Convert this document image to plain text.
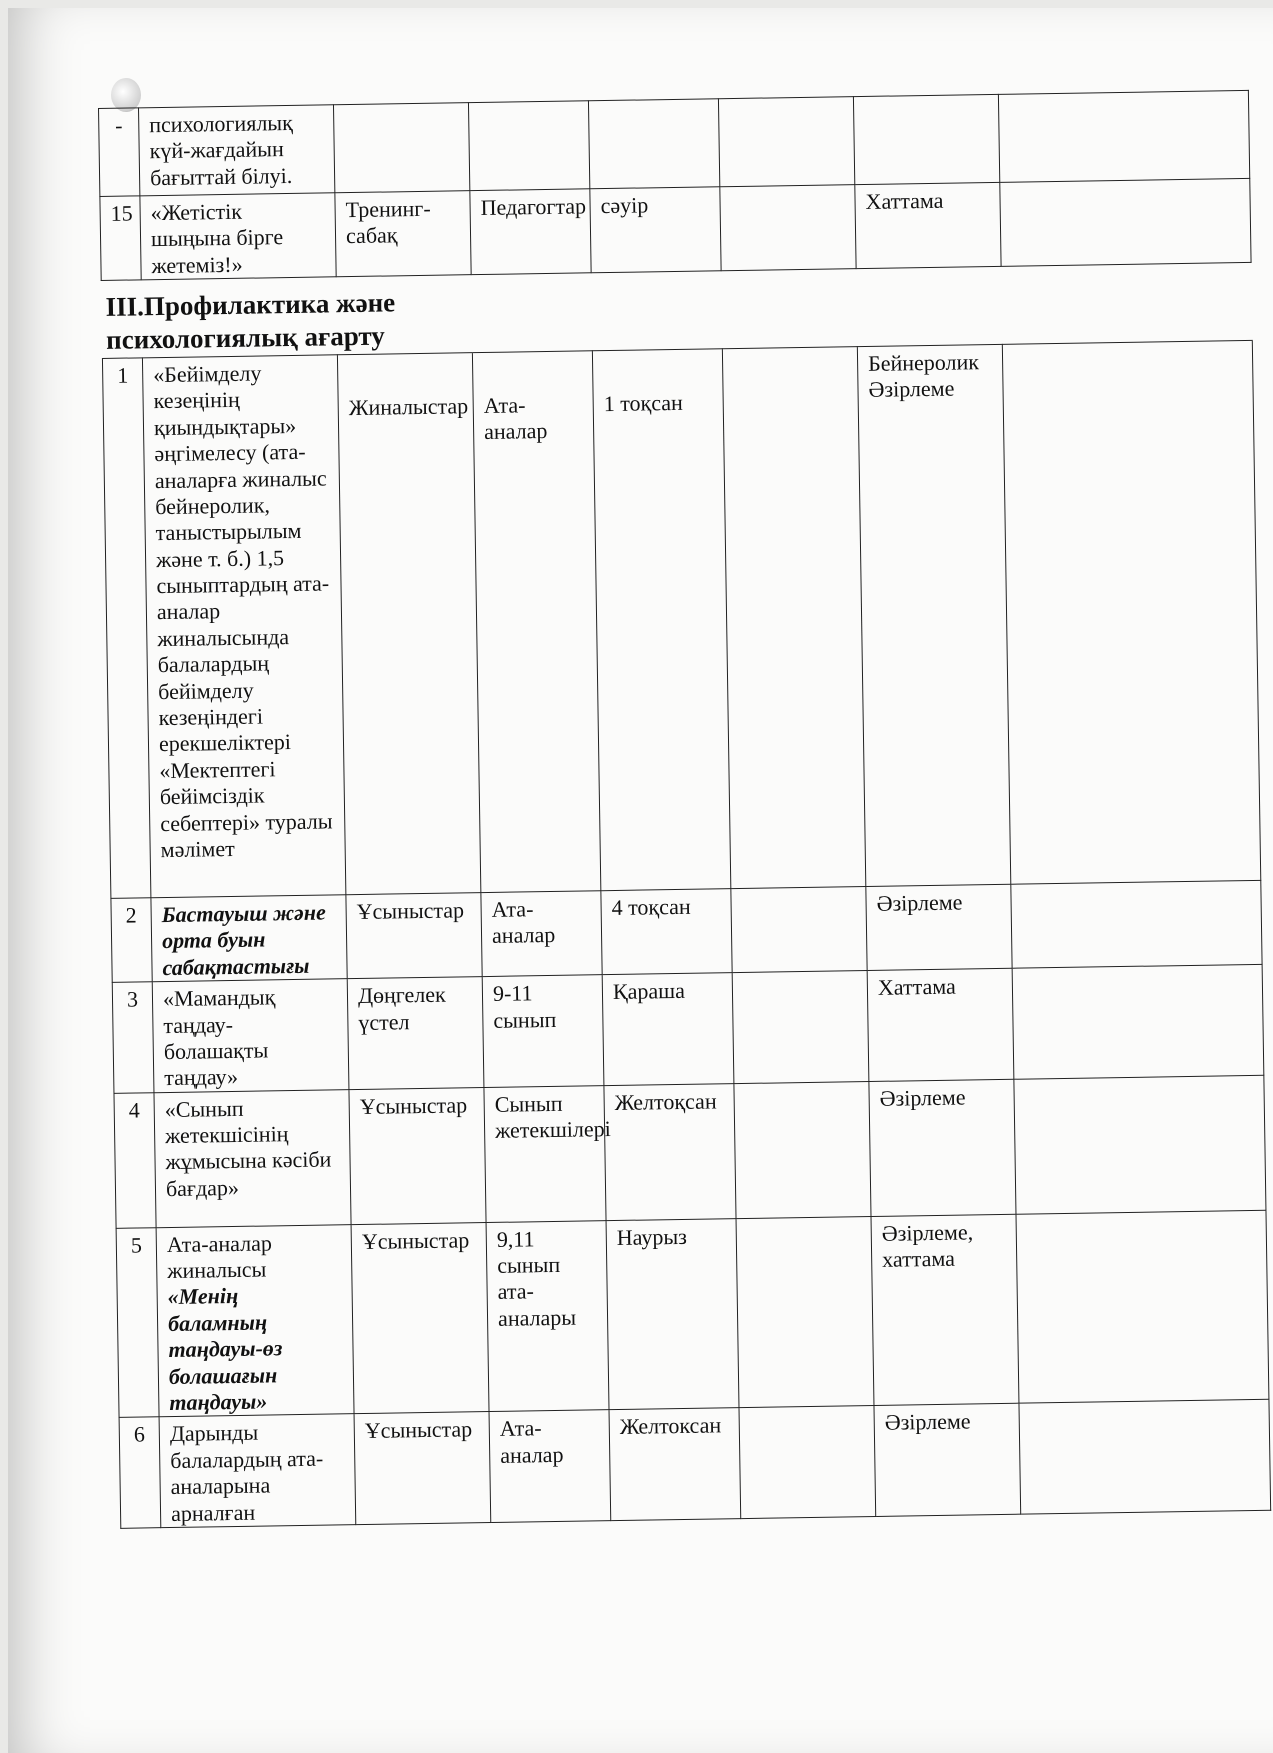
-	психологиялық күй-жағдайын бағыттай білуі.						
15	«Жетістік шыңына бірге жетеміз!»	Тренинг-сабақ	Педагогтар	сәуір		Хаттама	
ІІІ.Профилактика және психологиялық ағарту							
1	«Бейімделу кезеңінің қиындықтары» әңгімелесу (ата-аналарға жиналыс бейнеролик, таныстырылым және т. б.) 1,5 сыныптардың ата-аналар жиналысында балалардың бейімделу кезеңіндегі ерекшеліктері «Мектептегі бейімсіздік себептері» туралы мәлімет	Жиналыстар	Ата-аналар	1 тоқсан		Бейнеролик Әзірлеме	
2	Бастауыш және орта буын сабақтастығы	Ұсыныстар	Ата-аналар	4 тоқсан		Әзірлеме	
3	«Мамандық таңдау- болашақты таңдау»	Дөңгелек үстел	9-11 сынып	Қараша		Хаттама	
4	«Сынып жетекшісінің жұмысына кәсіби бағдар»	Ұсыныстар	Сынып жетекшілері	Желтоқсан		Әзірлеме	
5	Ата-аналар жиналысы «Менің баламның таңдауы-өз болашағын таңдауы»	Ұсыныстар	9,11 сынып ата-аналары	Наурыз		Әзірлеме, хаттама	
6	Дарынды балалардың ата-аналарына арналған	Ұсыныстар	Ата-аналар	Желтоксан		Әзірлеме	
